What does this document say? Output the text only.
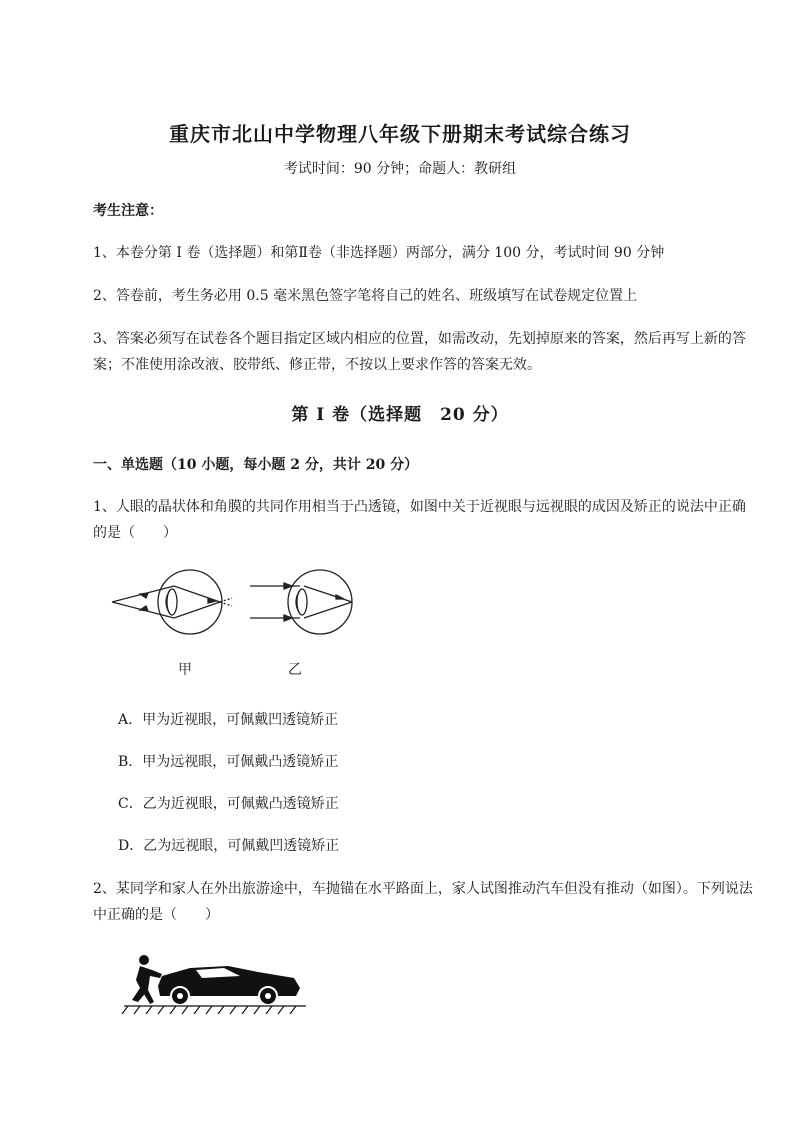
重庆市北山中学物理八年级下册期末考试综合练习
考试时间：90 分钟；命题人：教研组
考生注意：
1、本卷分第 I 卷（选择题）和第Ⅱ卷（非选择题）两部分，满分 100 分，考试时间 90 分钟
2、答卷前，考生务必用 0.5 毫米黑色签字笔将自己的姓名、班级填写在试卷规定位置上
3、答案必须写在试卷各个题目指定区域内相应的位置，如需改动，先划掉原来的答案，然后再写上新的答案；不准使用涂改液、胶带纸、修正带，不按以上要求作答的答案无效。
第 I 卷（选择题　20 分）
一、单选题（10 小题，每小题 2 分，共计 20 分）
1、人眼的晶状体和角膜的共同作用相当于凸透镜，如图中关于近视眼与远视眼的成因及矫正的说法中正确的是（　　）
甲	乙
A．甲为近视眼，可佩戴凹透镜矫正
B．甲为远视眼，可佩戴凸透镜矫正
C．乙为近视眼，可佩戴凸透镜矫正
D．乙为远视眼，可佩戴凹透镜矫正
2、某同学和家人在外出旅游途中，车抛锚在水平路面上，家人试图推动汽车但没有推动（如图）。下列说法中正确的是（　　）
